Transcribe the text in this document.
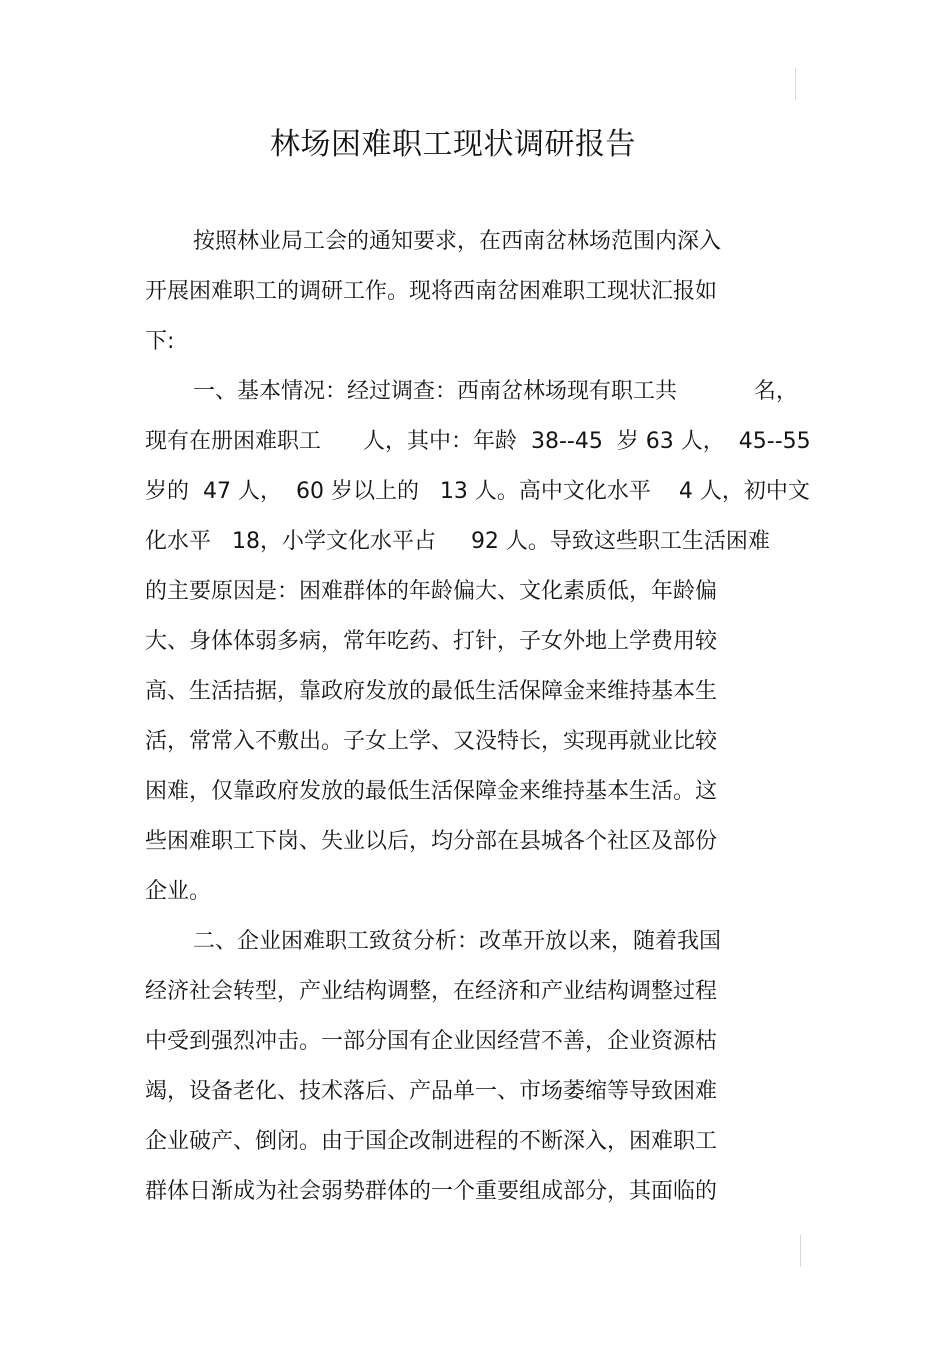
林场困难职工现状调研报告
按照林业局工会的通知要求，在西南岔林场范围内深入
开展困难职工的调研工作。现将西南岔困难职工现状汇报如
下:
一、基本情况：经过调查：西南岔林场现有职工共           名，
现有在册困难职工      人，其中：年龄  38--45  岁 63 人，  45--55
岁的  47 人，  60 岁以上的   13 人。高中文化水平    4 人，初中文
化水平   18，小学文化水平占     92 人。导致这些职工生活困难
的主要原因是：困难群体的年龄偏大、文化素质低，年龄偏
大、身体体弱多病，常年吃药、打针，子女外地上学费用较
高、生活拮据，靠政府发放的最低生活保障金来维持基本生
活，常常入不敷出。子女上学、又没特长，实现再就业比较
困难，仅靠政府发放的最低生活保障金来维持基本生活。这
些困难职工下岗、失业以后，均分部在县城各个社区及部份
企业。
二、企业困难职工致贫分析：改革开放以来，随着我国
经济社会转型，产业结构调整，在经济和产业结构调整过程
中受到强烈冲击。一部分国有企业因经营不善，企业资源枯
竭，设备老化、技术落后、产品单一、市场萎缩等导致困难
企业破产、倒闭。由于国企改制进程的不断深入，困难职工
群体日渐成为社会弱势群体的一个重要组成部分，其面临的
